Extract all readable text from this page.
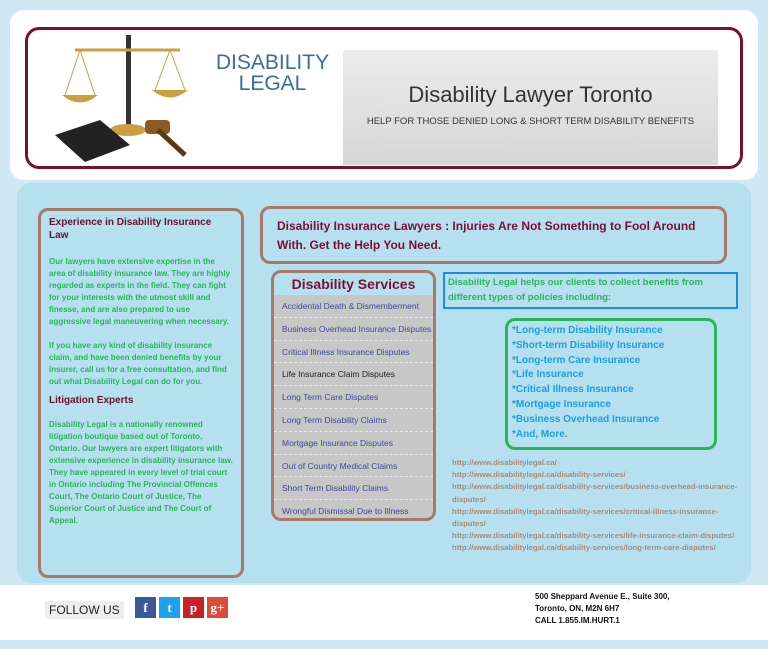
DISABILITY
LEGAL	Disability Lawyer Toronto
HELP FOR THOSE DENIED LONG & SHORT TERM DISABILITY BENEFITS
Experience in Disability Insurance Law
Our lawyers have extensive expertise in the area of disability insurance law. They are highly regarded as experts in the field. They can fight for your interests with the utmost skill and finesse, and are also prepared to use aggressive legal maneuvering when necessary.
If you have any kind of disability insurance claim, and have been denied benefits by your insurer, call us for a free consultation, and find out what Disability Legal can do for you.
Litigation Experts
Disability Legal is a nationally renowned litigation boutique based out of Toronto, Ontario. Our lawyers are expert litigators with extensive experience in disability insurance law. They have appeared in every level of trial court in Ontario including The Provincial Offences Court, The Ontario Court of Justice, The Superior Court of Justice and The Court of Appeal.
Disability Insurance Lawyers : Injuries Are Not Something to Fool Around With. Get the Help You Need.
Disability Services
Accidental Death & Dismemberment
Business Overhead Insurance Disputes
Critical Illness Insurance Disputes
Life Insurance Claim Disputes
Long Term Care Disputes
Long Term Disability Claims
Mortgage Insurance Disputes
Out of Country Medical Claims
Short Term Disability Claims
Wrongful Dismissal Due to Illness
Disability Legal helps our clients to collect benefits from different types of policies including:
*Long-term Disability Insurance
*Short-term Disability Insurance
*Long-term Care Insurance
*Life Insurance
*Critical Illness Insurance
*Mortgage Insurance
*Business Overhead Insurance
*And, More.
http://www.disabilitylegal.ca/
http://www.disabilitylegal.ca/disability-services/
http://www.disabilitylegal.ca/disability-services/business-overhead-insurance-disputes/
http://www.disabilitylegal.ca/disability-services/critical-illness-insurance-disputes/
http://www.disabilitylegal.ca/disability-services/life-insurance-claim-disputes/
http://www.disabilitylegal.ca/disability-services/long-term-care-disputes/
FOLLOW US	f	t	p	g+
500 Sheppard Avenue E., Suite 300,
Toronto, ON, M2N 6H7
CALL 1.855.IM.HURT.1
